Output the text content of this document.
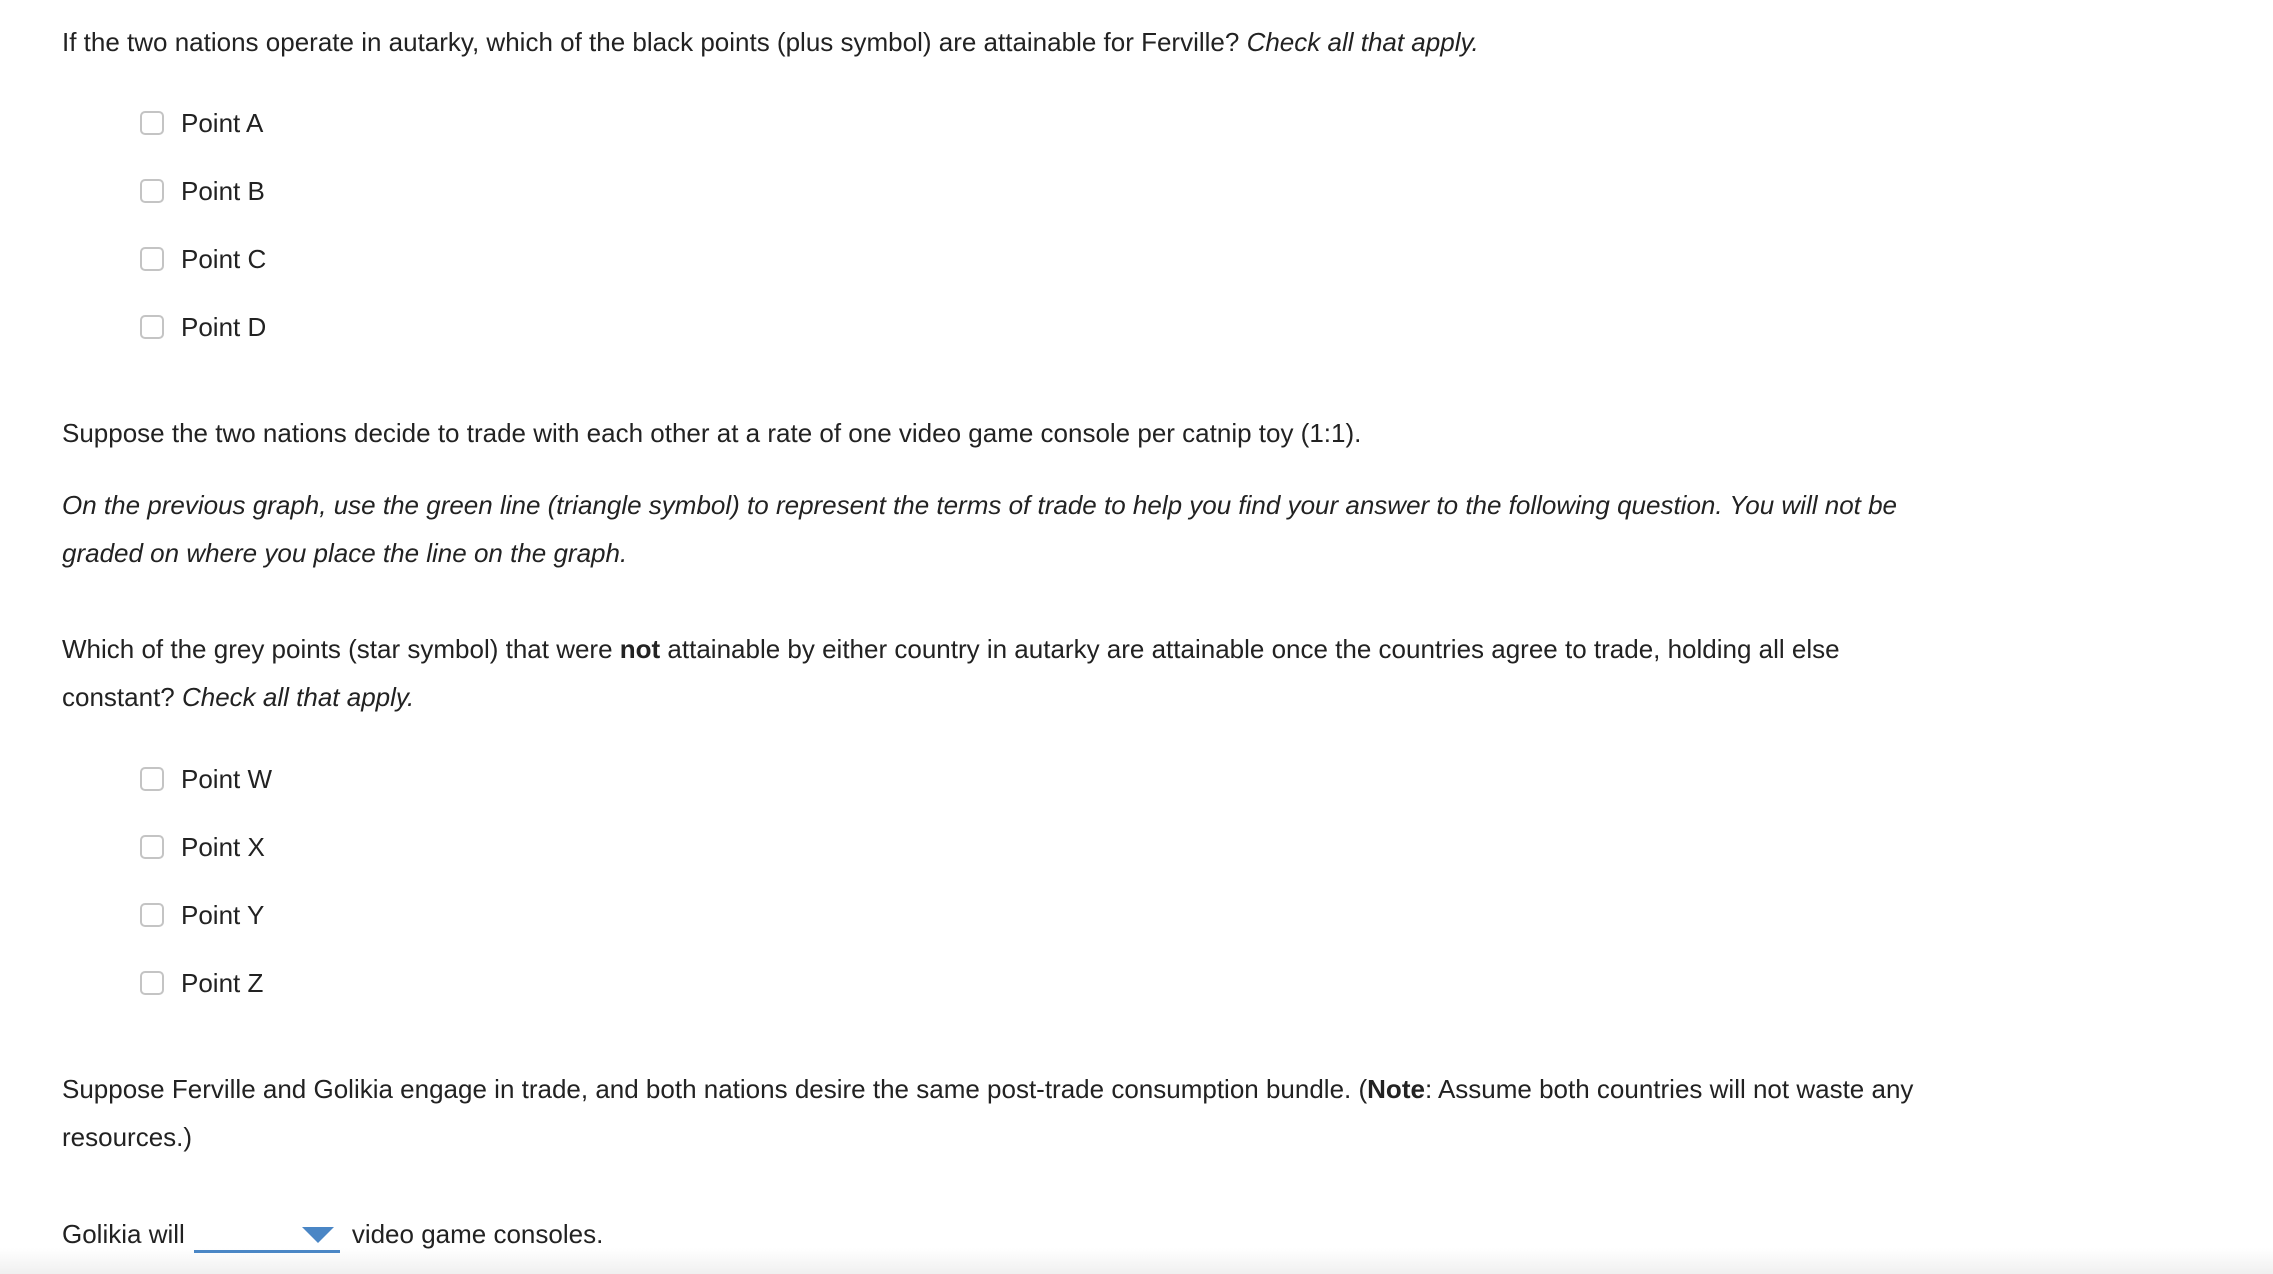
If the two nations operate in autarky, which of the black points (plus symbol) are attainable for Ferville? Check all that apply.

Point A
Point B
Point C
Point D

Suppose the two nations decide to trade with each other at a rate of one video game console per catnip toy (1:1).

On the previous graph, use the green line (triangle symbol) to represent the terms of trade to help you find your answer to the following question. You will not be graded on where you place the line on the graph.

Which of the grey points (star symbol) that were not attainable by either country in autarky are attainable once the countries agree to trade, holding all else constant? Check all that apply.

Point W
Point X
Point Y
Point Z

Suppose Ferville and Golikia engage in trade, and both nations desire the same post-trade consumption bundle. (Note: Assume both countries will not waste any resources.)

Golikia will	video game consoles.
